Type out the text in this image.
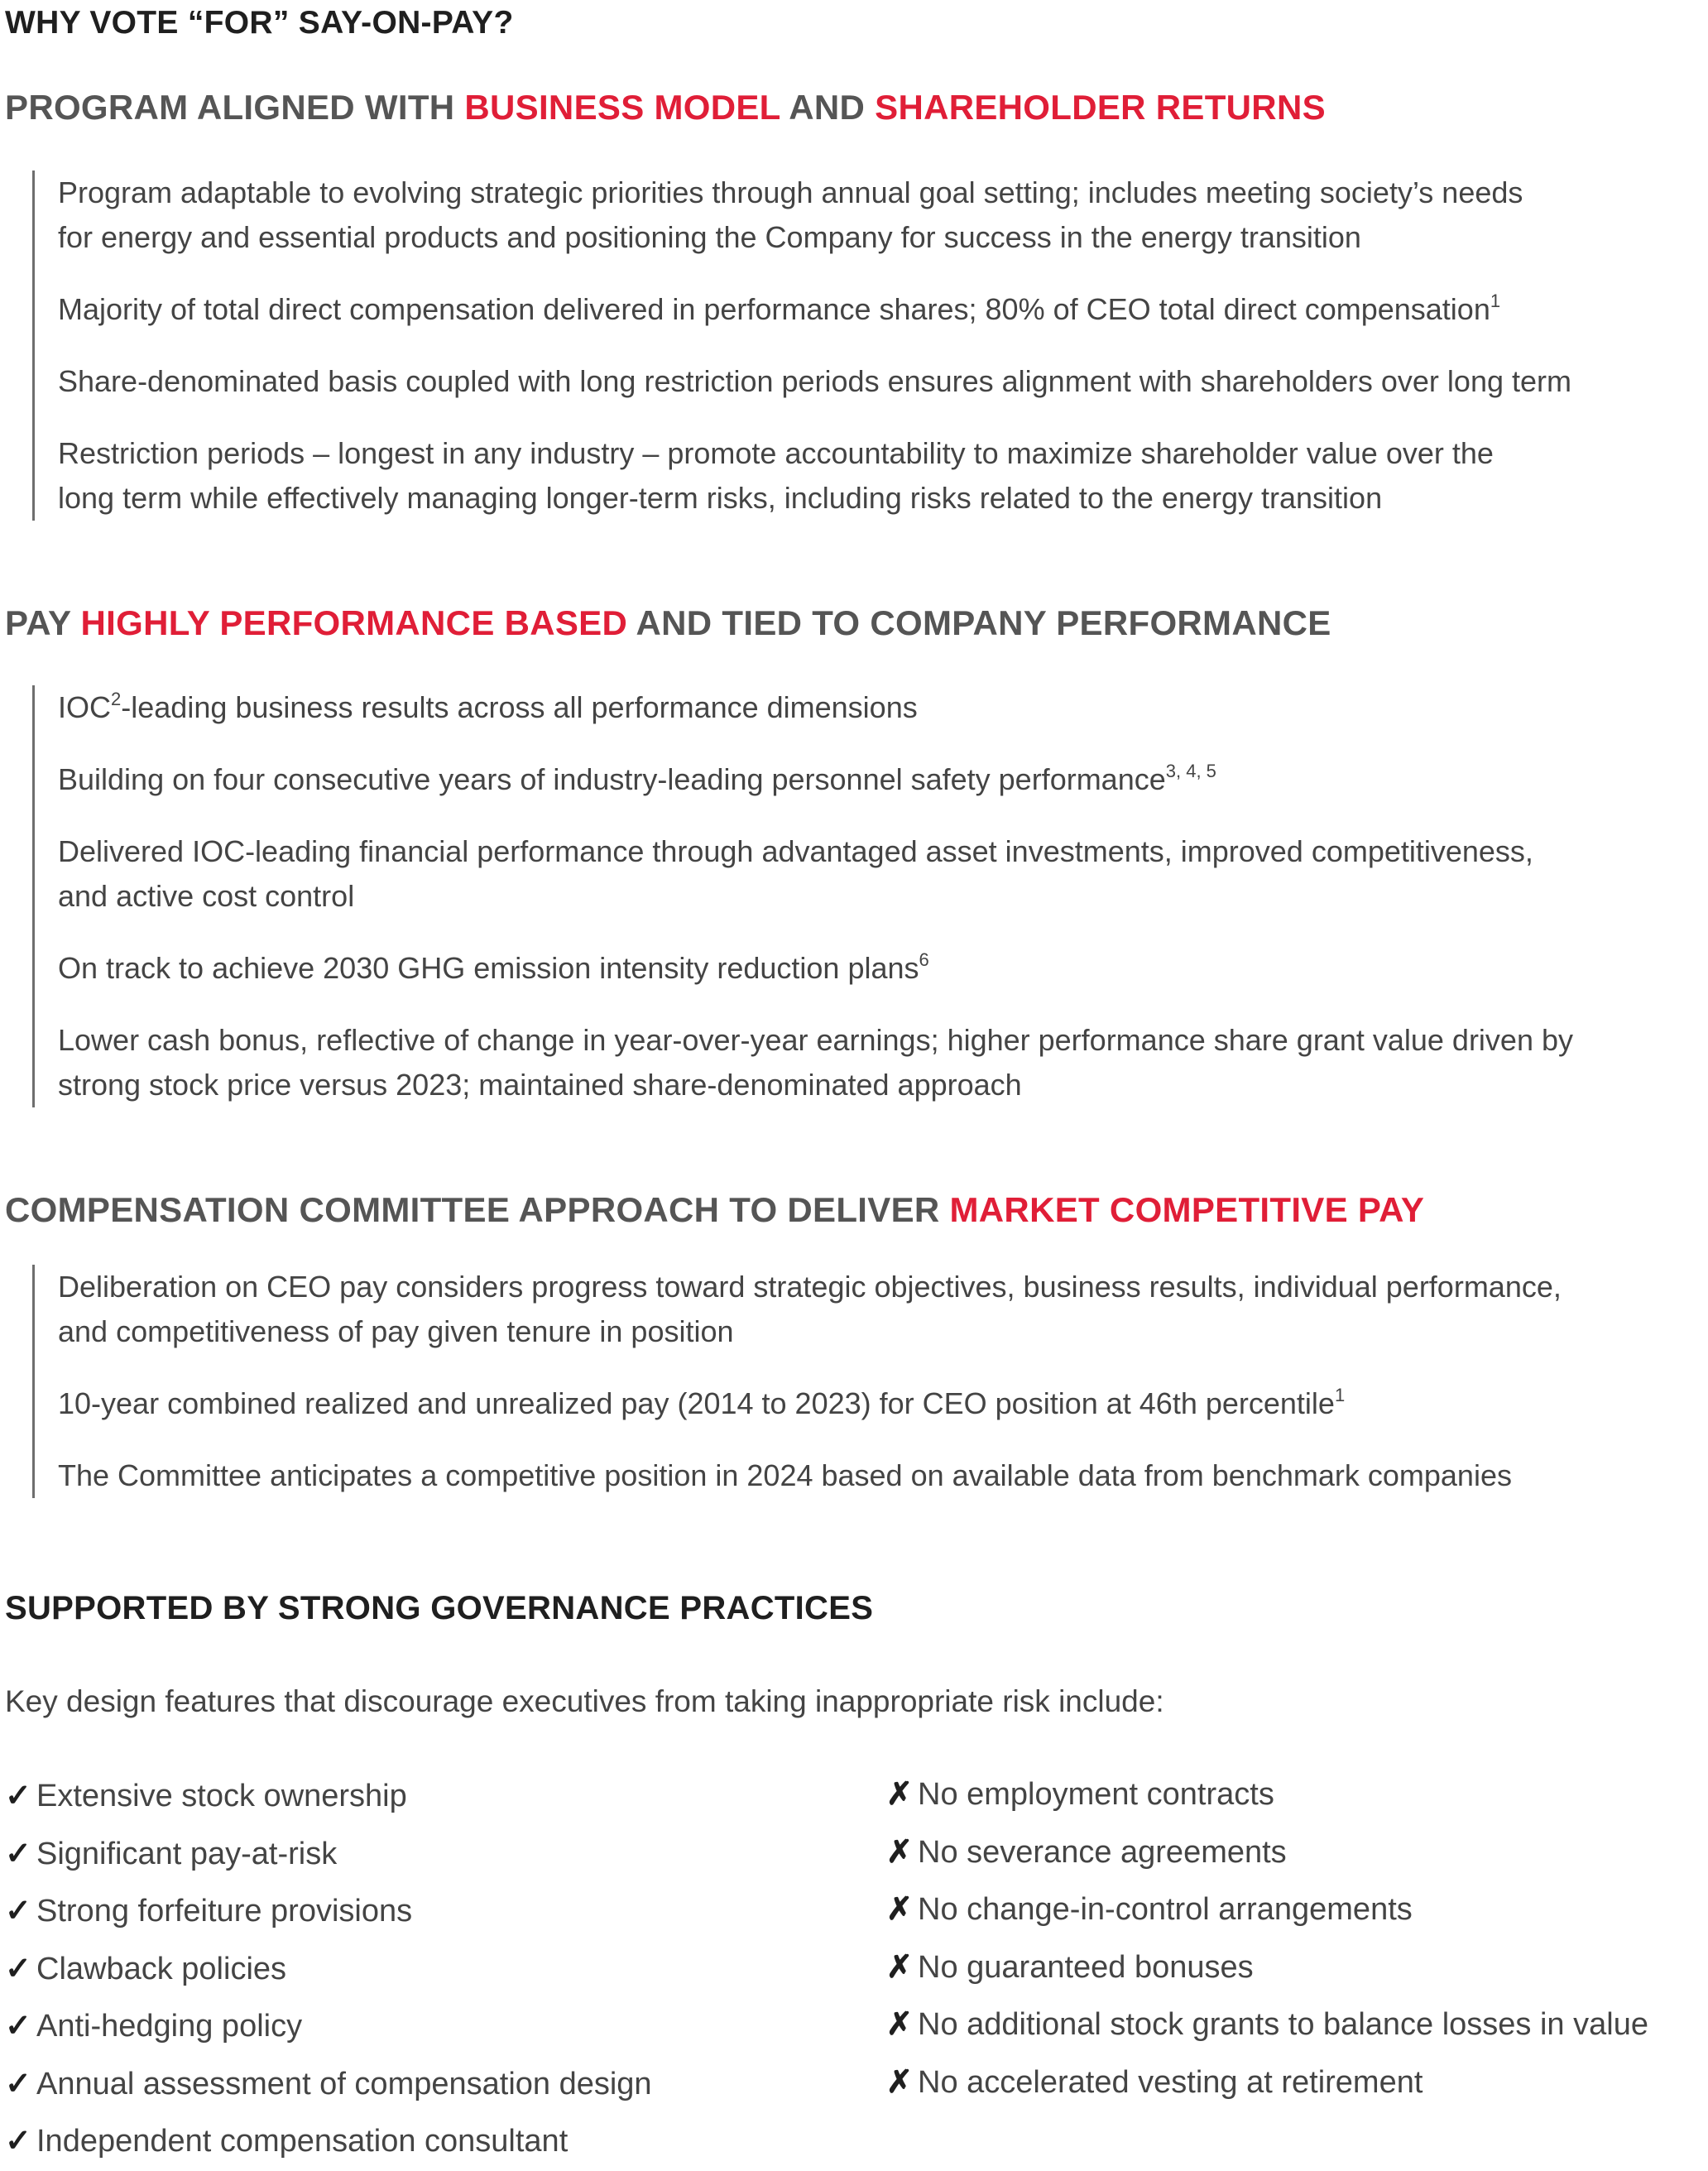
WHY VOTE “FOR” SAY-ON-PAY?
PROGRAM ALIGNED WITH BUSINESS MODEL AND SHAREHOLDER RETURNS
Program adaptable to evolving strategic priorities through annual goal setting; includes meeting society’s needs
for energy and essential products and positioning the Company for success in the energy transition
Majority of total direct compensation delivered in performance shares; 80% of CEO total direct compensation$^1$
Share-denominated basis coupled with long restriction periods ensures alignment with shareholders over long term
Restriction periods – longest in any industry – promote accountability to maximize shareholder value over the
long term while effectively managing longer-term risks, including risks related to the energy transition
PAY HIGHLY PERFORMANCE BASED AND TIED TO COMPANY PERFORMANCE
IOC$^2$-leading business results across all performance dimensions
Building on four consecutive years of industry-leading personnel safety performance$^{3, 4, 5}$
Delivered IOC-leading financial performance through advantaged asset investments, improved competitiveness,
and active cost control
On track to achieve 2030 GHG emission intensity reduction plans$^6$
Lower cash bonus, reflective of change in year-over-year earnings; higher performance share grant value driven by
strong stock price versus 2023; maintained share-denominated approach
COMPENSATION COMMITTEE APPROACH TO DELIVER MARKET COMPETITIVE PAY
Deliberation on CEO pay considers progress toward strategic objectives, business results, individual performance,
and competitiveness of pay given tenure in position
10-year combined realized and unrealized pay (2014 to 2023) for CEO position at 46th percentile$^1$
The Committee anticipates a competitive position in 2024 based on available data from benchmark companies
SUPPORTED BY STRONG GOVERNANCE PRACTICES
Key design features that discourage executives from taking inappropriate risk include:
✓ Extensive stock ownership
✓ Significant pay-at-risk
✓ Strong forfeiture provisions
✓ Clawback policies
✓ Anti-hedging policy
✓ Annual assessment of compensation design
✓ Independent compensation consultant
✗ No employment contracts
✗ No severance agreements
✗ No change-in-control arrangements
✗ No guaranteed bonuses
✗ No additional stock grants to balance losses in value
✗ No accelerated vesting at retirement
